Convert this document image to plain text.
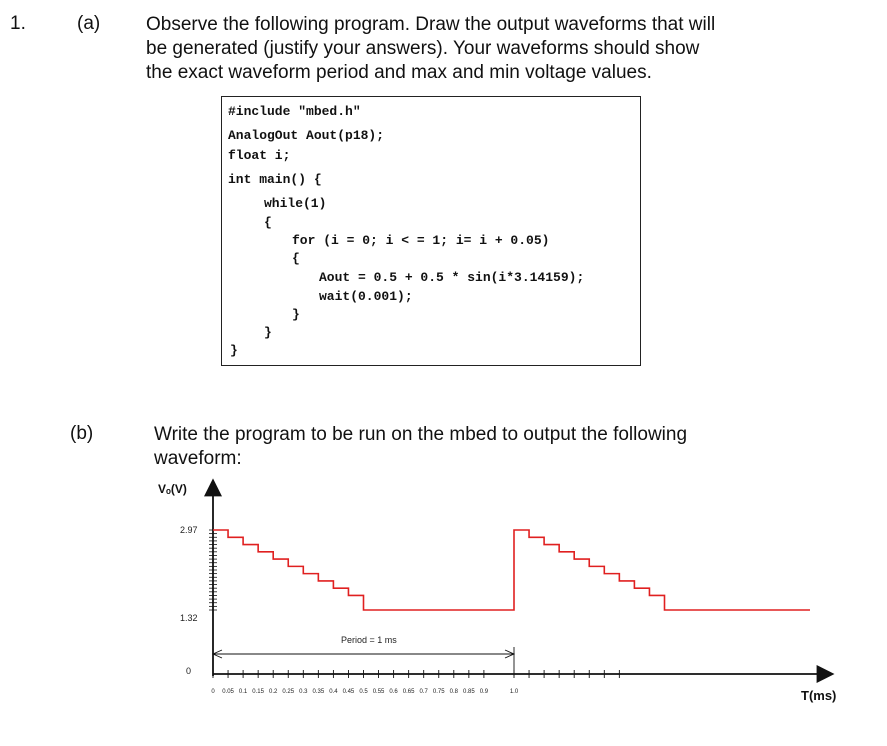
1.	(a) Observe the following program. Draw the output waveforms that will
be generated (justify your answers). Your waveforms should show
the exact waveform period and max and min voltage values.
#include "mbed.h"
AnalogOut Aout(p18);
float i;
int main() {
while(1)
{
for (i = 0; i < = 1; i= i + 0.05)
{
Aout = 0.5 + 0.5 * sin(i*3.14159);
wait(0.001);
}
}
}
(b)	Write the program to be run on the mbed to output the following
waveform:
0 0.05 0.1 0.15 0.2 0.25 0.3 0.35 0.4 0.45 0.5 0.55 0.6 0.65 0.7 0.75 0.8 0.85 0.9	1.0
2.97
1.32
0
Vₒ(V)
T(ms)
Period = 1 ms
